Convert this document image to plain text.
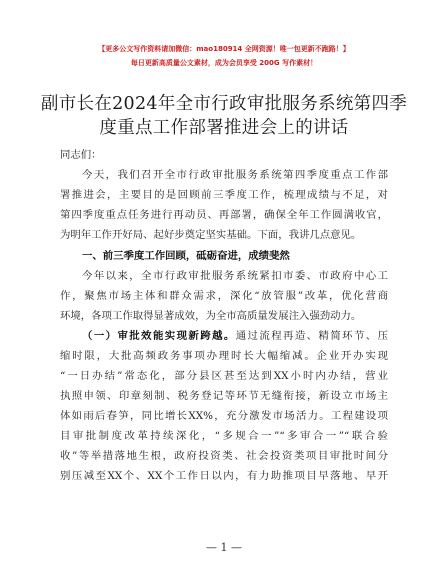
【更多公文写作资料请加微信：mao180914 全网资源！唯一包更新不跑路！】
每日更新高质量公文素材，成为会员享受 200G 写作素材！
副市长在2024年全市行政审批服务系统第四季
度重点工作部署推进会上的讲话
同志们：
今天，我们召开全市行政审批服务系统第四季度重点工作部
署推进会，主要目的是回顾前三季度工作，梳理成绩与不足，对
第四季度重点任务进行再动员、再部署，确保全年工作圆满收官，
为明年工作开好局、起好步奠定坚实基础。下面，我讲几点意见。
一、前三季度工作回顾，砥砺奋进，成绩斐然
今年以来，全市行政审批服务系统紧扣市委、市政府中心工
作，聚焦市场主体和群众需求，深化“放管服”改革，优化营商
环境，各项工作取得显著成效，为全市高质量发展注入强劲动力。
（一）审批效能实现新跨越。通过流程再造、精简环节、压
缩时限，大批高频政务事项办理时长大幅缩减。企业开办实现
“一日办结”常态化，部分县区甚至达到XX小时内办结，营业
执照申领、印章刻制、税务登记等环节无缝衔接，新设立市场主
体如雨后春笋，同比增长XX%，充分激发市场活力。工程建设项
目审批制度改革持续深化，“多规合一”“多审合一”“联合验
收”等举措落地生根，政府投资类、社会投资类项目审批时间分
别压减至XX个、XX个工作日以内，有力助推项目早落地、早开
— 1 —
